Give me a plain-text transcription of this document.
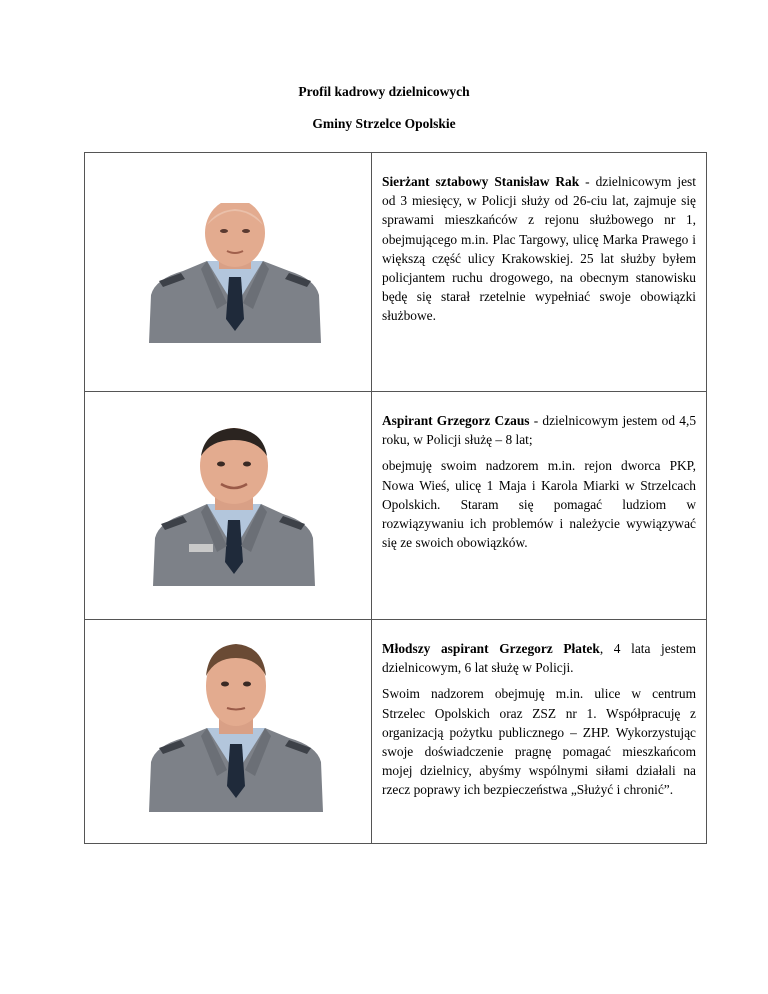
Profil kadrowy dzielnicowych

Gminy Strzelce Opolskie

Sierżant sztabowy Stanisław Rak - dzielnicowym jest od 3 miesięcy, w Policji służy od 26-ciu lat, zajmuje się sprawami mieszkańców z rejonu służbowego nr 1, obejmującego m.in. Plac Targowy, ulicę Marka Prawego i większą część ulicy Krakowskiej. 25 lat służby byłem policjantem ruchu drogowego, na obecnym stanowisku będę się starał rzetelnie wypełniać swoje obowiązki służbowe.

Aspirant Grzegorz Czaus - dzielnicowym jestem od 4,5 roku, w Policji służę – 8 lat;

obejmuję swoim nadzorem m.in. rejon dworca PKP, Nowa Wieś, ulicę 1 Maja i Karola Miarki w Strzelcach Opolskich. Staram się pomagać ludziom w rozwiązywaniu ich problemów i należycie wywiązywać się ze swoich obowiązków.

Młodszy aspirant Grzegorz Płatek, 4 lata jestem dzielnicowym, 6 lat służę w Policji.

Swoim nadzorem obejmuję m.in. ulice w centrum Strzelec Opolskich oraz ZSZ nr 1. Współpracuję z organizacją pożytku publicznego – ZHP. Wykorzystując swoje doświadczenie pragnę pomagać mieszkańcom mojej dzielnicy, abyśmy wspólnymi siłami działali na rzecz poprawy ich bezpieczeństwa „Służyć i chronić”.
